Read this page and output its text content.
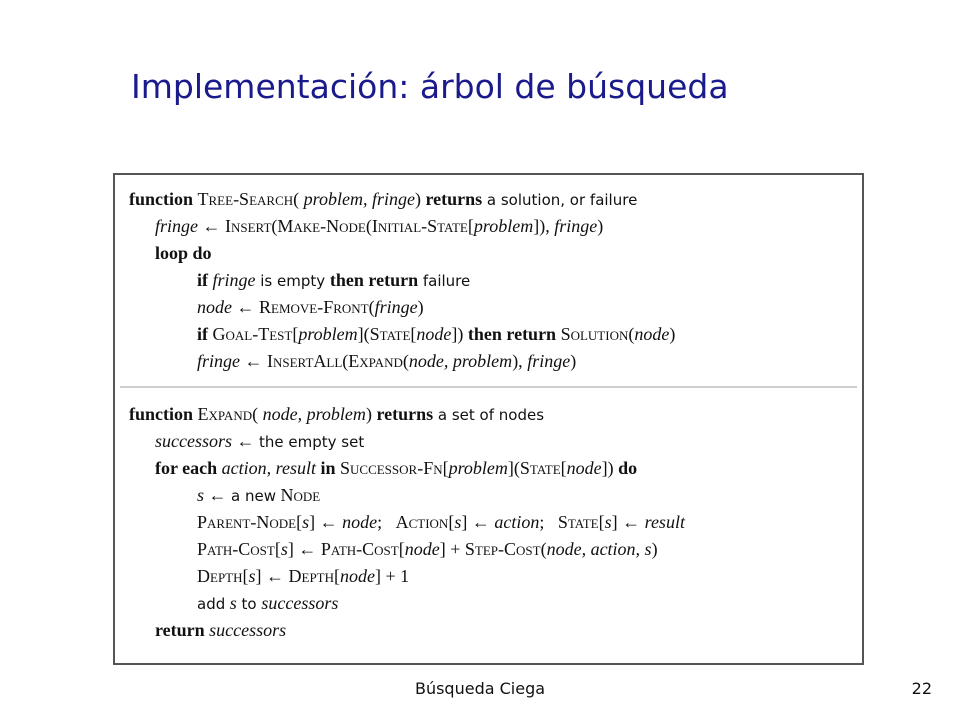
Implementación: árbol de búsqueda
function Tree-Search( problem, fringe) returns a solution, or failure
fringe ← Insert(Make-Node(Initial-State[problem]), fringe)
loop do
if fringe is empty then return failure
node ← Remove-Front(fringe)
if Goal-Test[problem](State[node]) then return Solution(node)
fringe ← InsertAll(Expand(node, problem), fringe)
function Expand( node, problem) returns a set of nodes
successors ← the empty set
for each action, result in Successor-Fn[problem](State[node]) do
s ← a new Node
Parent-Node[s] ← node;   Action[s] ← action;   State[s] ← result
Path-Cost[s] ← Path-Cost[node] + Step-Cost(node, action, s)
Depth[s] ← Depth[node] + 1
add s to successors
return successors
Búsqueda Ciega	22
